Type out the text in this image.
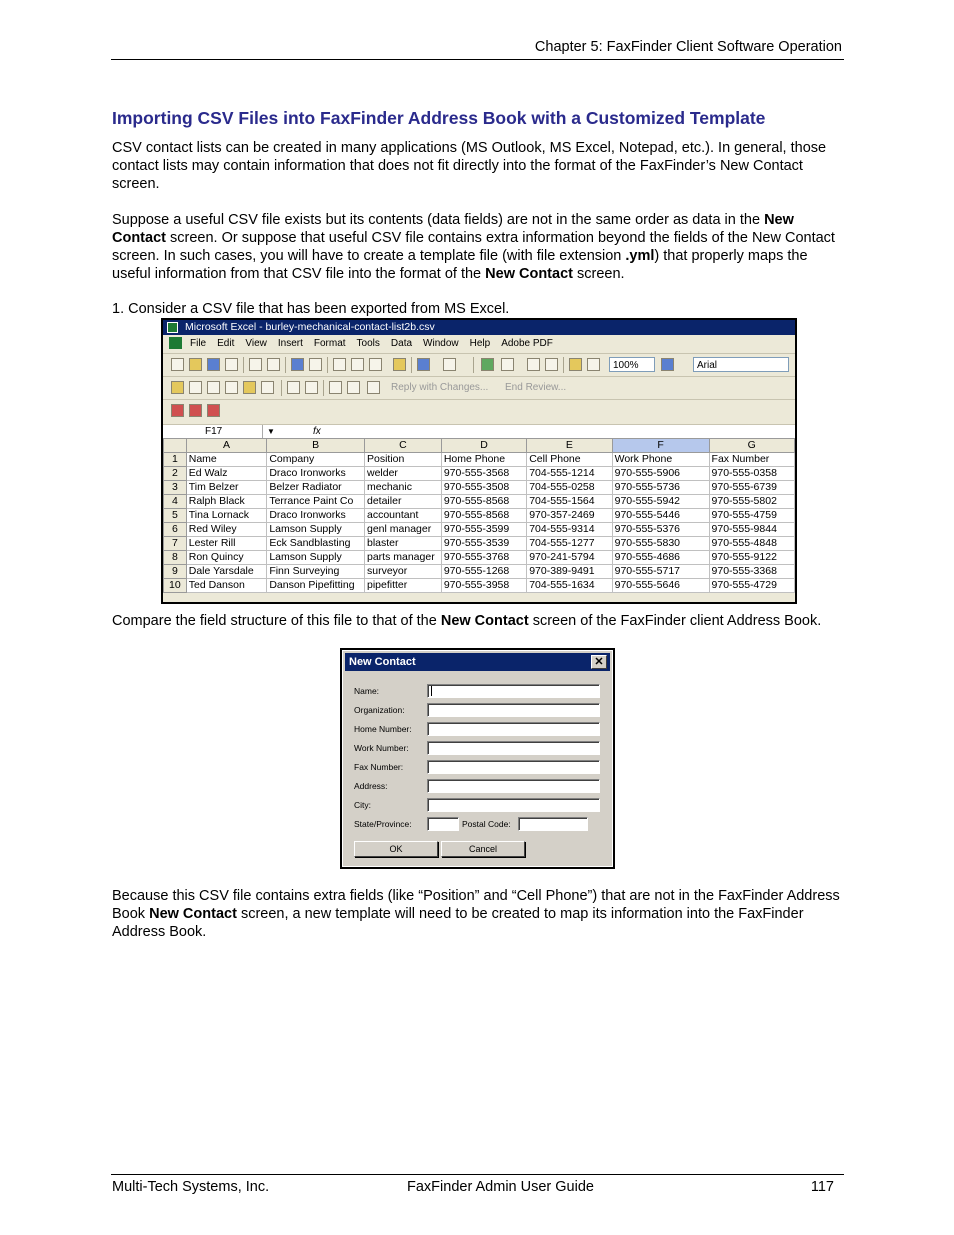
Chapter 5: FaxFinder Client Software Operation
Importing CSV Files into FaxFinder Address Book with a Customized Template

CSV contact lists can be created in many applications (MS Outlook, MS Excel, Notepad, etc.). In general, those contact lists may contain information that does not fit directly into the format of the FaxFinder’s New Contact screen.

Suppose a useful CSV file exists but its contents (data fields) are not in the same order as data in the New Contact screen. Or suppose that useful CSV file contains extra information beyond the fields of the New Contact screen. In such cases, you will have to create a template file (with file extension .yml) that properly maps the useful information from that CSV file into the format of the New Contact screen.

1. Consider a CSV file that has been exported from MS Excel.

Microsoft Excel - burley-mechanical-contact-list2b.csv
File Edit View Insert Format Tools Data Window Help Adobe PDF
100%	Arial
Reply with Changes... End Review...
F17	▼	fx
	A	B	C	D	E	F	G
1	Name	Company	Position	Home Phone	Cell Phone	Work Phone	Fax Number
2	Ed Walz	Draco Ironworks	welder	970-555-3568	704-555-1214	970-555-5906	970-555-0358
3	Tim Belzer	Belzer Radiator	mechanic	970-555-3508	704-555-0258	970-555-5736	970-555-6739
4	Ralph Black	Terrance Paint Co	detailer	970-555-8568	704-555-1564	970-555-5942	970-555-5802
5	Tina Lornack	Draco Ironworks	accountant	970-555-8568	970-357-2469	970-555-5446	970-555-4759
6	Red Wiley	Lamson Supply	genl manager	970-555-3599	704-555-9314	970-555-5376	970-555-9844
7	Lester Rill	Eck Sandblasting	blaster	970-555-3539	704-555-1277	970-555-5830	970-555-4848
8	Ron Quincy	Lamson Supply	parts manager	970-555-3768	970-241-5794	970-555-4686	970-555-9122
9	Dale Yarsdale	Finn Surveying	surveyor	970-555-1268	970-389-9491	970-555-5717	970-555-3368
10	Ted Danson	Danson Pipefitting	pipefitter	970-555-3958	704-555-1634	970-555-5646	970-555-4729

Compare the field structure of this file to that of the New Contact screen of the FaxFinder client Address Book.

New Contact	✕
Name:
Organization:
Home Number:
Work Number:
Fax Number:
Address:
City:
State/Province:	Postal Code:
OK	Cancel

Because this CSV file contains extra fields (like “Position” and “Cell Phone”) that are not in the FaxFinder Address Book New Contact screen, a new template will need to be created to map its information into the FaxFinder Address Book.

Multi-Tech Systems, Inc.	FaxFinder Admin User Guide	117
